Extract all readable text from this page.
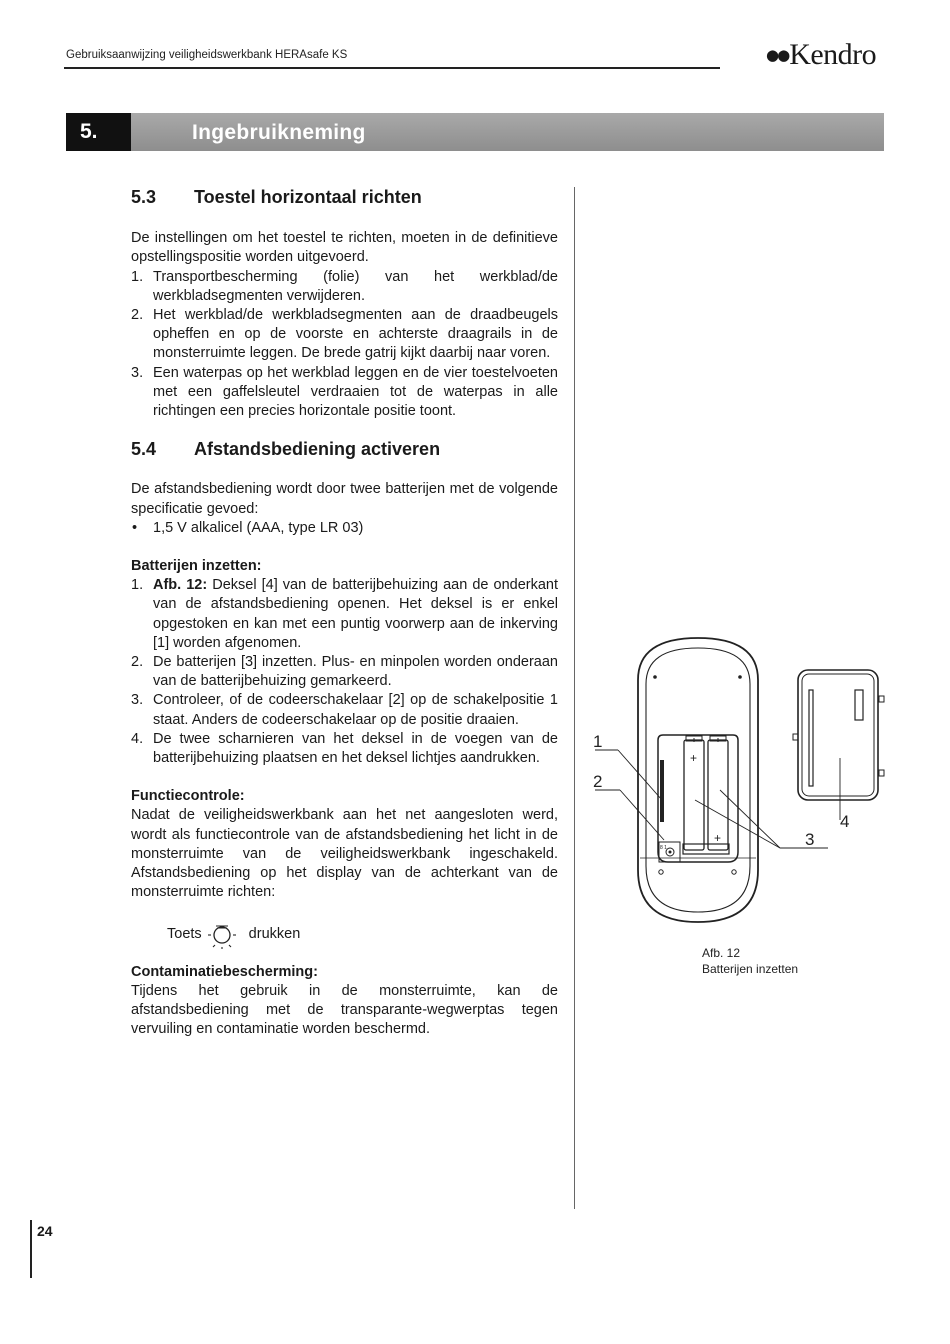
Gebruiksaanwijzing veiligheidswerkbank HERAsafe KS	●●Kendro
5.	Ingebruikneming
5.3	Toestel horizontaal richten

De instellingen om het toestel te richten, moeten in de definitieve opstellingspositie worden uitgevoerd.

1. Transportbescherming (folie) van het werkblad/de werkbladsegmenten verwijderen.
2. Het werkblad/de werkbladsegmenten aan de draadbeugels opheffen en op de voorste en achterste draagrails in de monsterruimte leggen. De brede gatrij kijkt daarbij naar voren.
3. Een waterpas op het werkblad leggen en de vier toestelvoeten met een gaffelsleutel verdraaien tot de waterpas in alle richtingen een precies horizontale positie toont.
5.4	Afstandsbediening activeren

De afstandsbediening wordt door twee batterijen met de volgende specificatie gevoed:

• 1,5 V alkalicel (AAA, type LR 03)
Batterijen inzetten:
1. Afb. 12: Deksel [4] van de batterijbehuizing aan de onderkant van de afstandsbediening openen. Het deksel is er enkel opgestoken en kan met een puntig voorwerp aan de inkerving [1] worden afgenomen.
2. De batterijen [3] inzetten. Plus- en minpolen worden onderaan van de batterijbehuizing gemarkeerd.
3. Controleer, of de codeerschakelaar [2] op de schakelpositie 1 staat. Anders de codeerschakelaar op de positie draaien.
4. De twee scharnieren van het deksel in de voegen van de batterijbehuizing plaatsen en het deksel lichtjes aandrukken.
Functiecontrole:

Nadat de veiligheidswerkbank aan het net aangesloten werd, wordt als functiecontrole van de afstandsbediening het licht in de monsterruimte van de veiligheidswerkbank ingeschakeld. Afstandsbediening op het display van de achterkant van de monsterruimte richten:

Toets	drukken
Contaminatiebescherming:

Tijdens het gebruik in de monsterruimte, kan de afstandsbediening met de transparante-wegwerptas tegen vervuiling en contaminatie worden beschermd.

+
+
8 1
1
2
3
4
Afb. 12
Batterijen inzetten
24
